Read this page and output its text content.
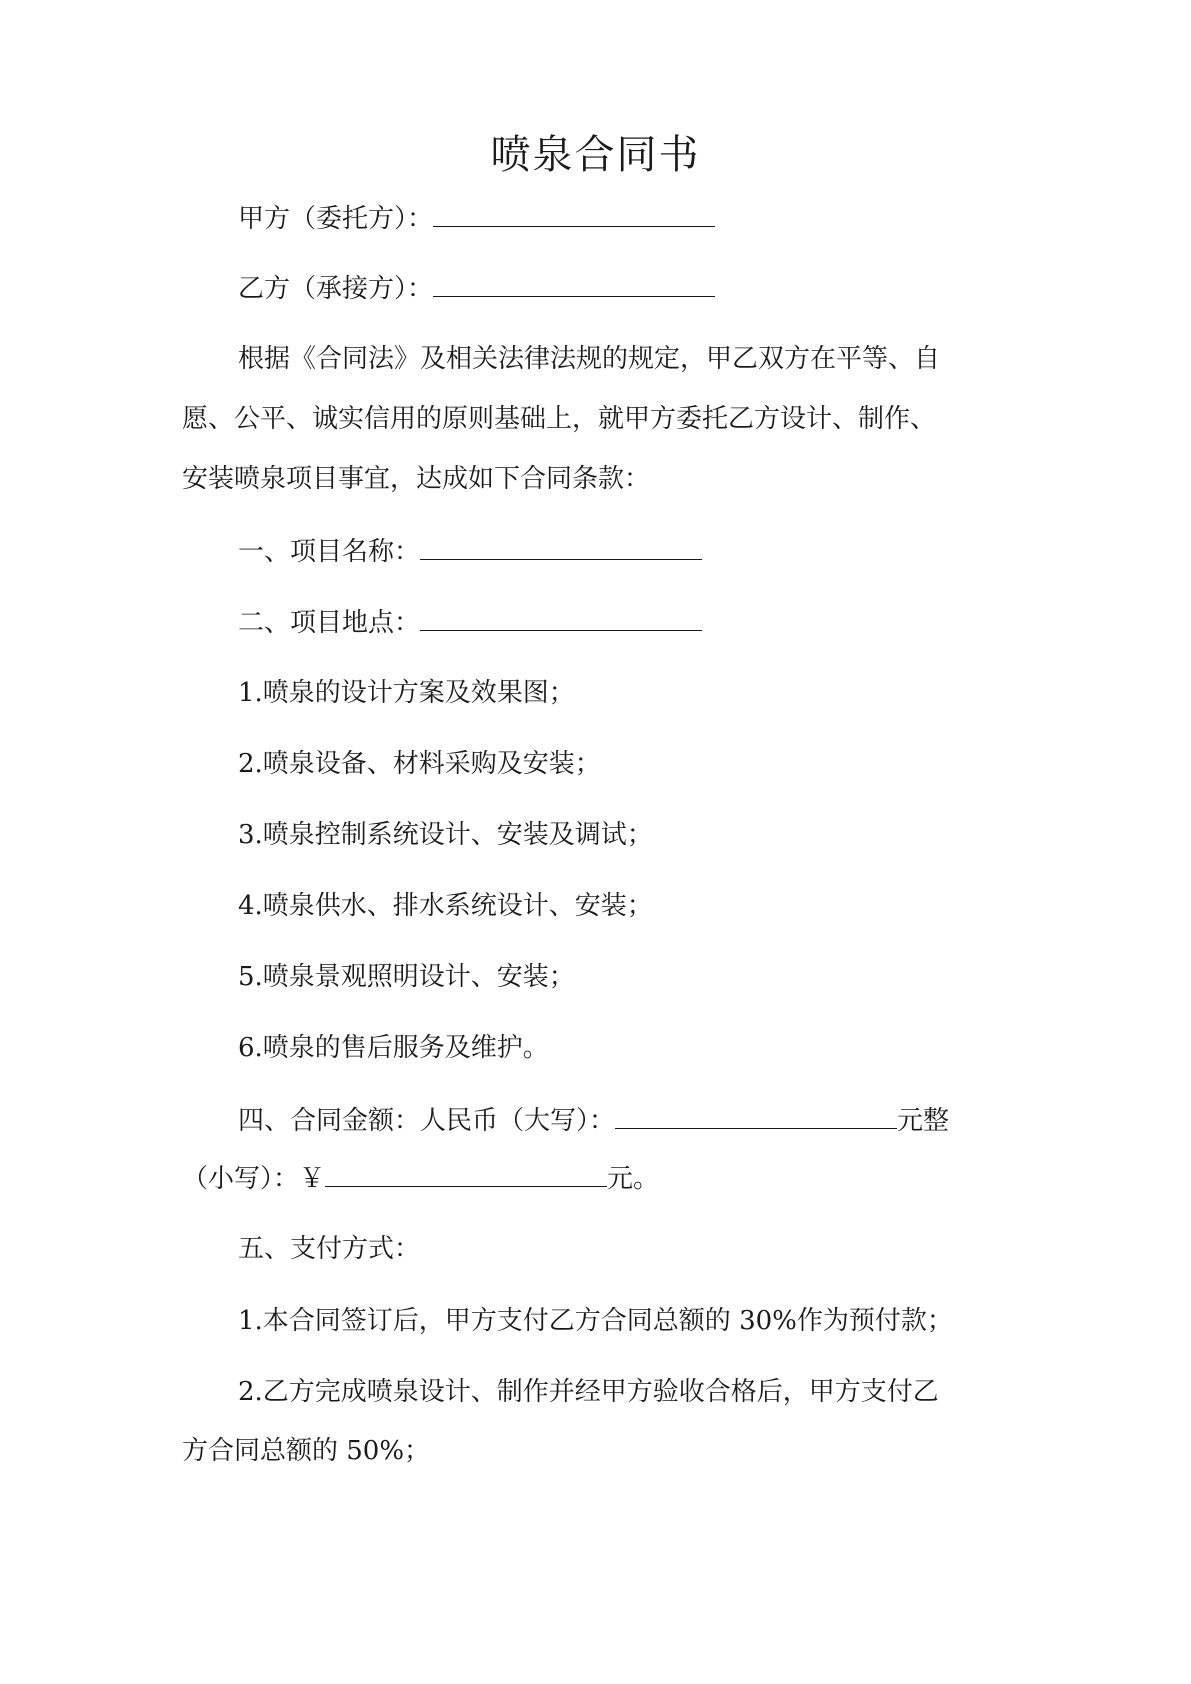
喷泉合同书
甲方（委托方）：
乙方（承接方）：
根据《合同法》及相关法律法规的规定，甲乙双方在平等、自
愿、公平、诚实信用的原则基础上，就甲方委托乙方设计、制作、
安装喷泉项目事宜，达成如下合同条款：
一、项目名称：
二、项目地点：
1.喷泉的设计方案及效果图；
2.喷泉设备、材料采购及安装；
3.喷泉控制系统设计、安装及调试；
4.喷泉供水、排水系统设计、安装；
5.喷泉景观照明设计、安装；
6.喷泉的售后服务及维护。
四、合同金额：人民币（大写）：	元整
（小写）：￥	元。
五、支付方式：
1.本合同签订后，甲方支付乙方合同总额的 30%作为预付款；
2.乙方完成喷泉设计、制作并经甲方验收合格后，甲方支付乙
方合同总额的 50%；
